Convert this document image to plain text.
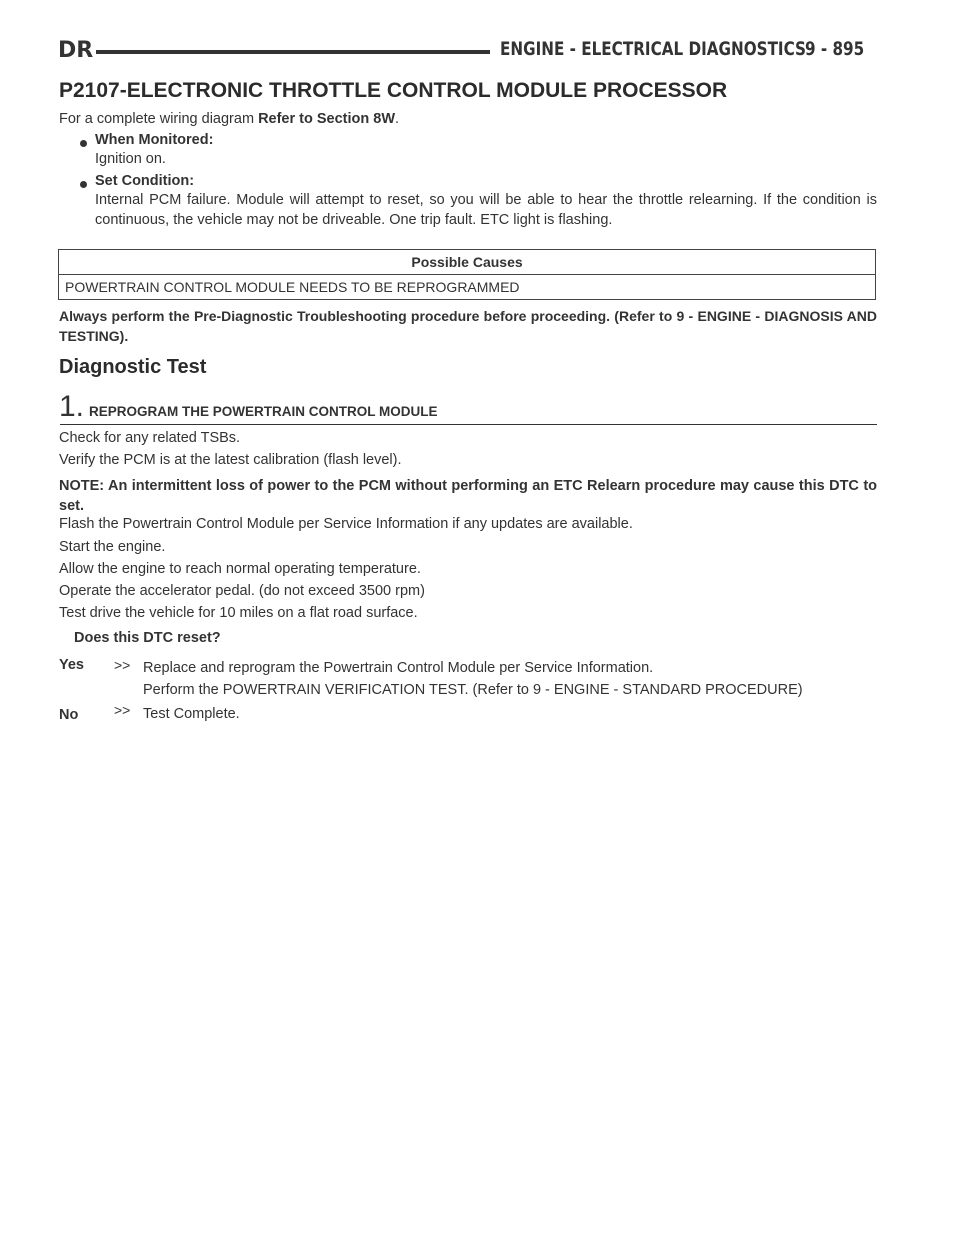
DR	ENGINE - ELECTRICAL DIAGNOSTICS 9 - 895
P2107-ELECTRONIC THROTTLE CONTROL MODULE PROCESSOR
For a complete wiring diagram Refer to Section 8W.
When Monitored:
Ignition on.
Set Condition:
Internal PCM failure. Module will attempt to reset, so you will be able to hear the throttle relearning. If the condition is continuous, the vehicle may not be driveable. One trip fault. ETC light is flashing.
Possible Causes
POWERTRAIN CONTROL MODULE NEEDS TO BE REPROGRAMMED
Always perform the Pre-Diagnostic Troubleshooting procedure before proceeding. (Refer to 9 - ENGINE - DIAGNOSIS AND TESTING).
Diagnostic Test
1. REPROGRAM THE POWERTRAIN CONTROL MODULE
Check for any related TSBs.
Verify the PCM is at the latest calibration (flash level).
NOTE: An intermittent loss of power to the PCM without performing an ETC Relearn procedure may cause this DTC to set.
Flash the Powertrain Control Module per Service Information if any updates are available.
Start the engine.
Allow the engine to reach normal operating temperature.
Operate the accelerator pedal. (do not exceed 3500 rpm)
Test drive the vehicle for 10 miles on a flat road surface.
Does this DTC reset?
Yes >> Replace and reprogram the Powertrain Control Module per Service Information.
Perform the POWERTRAIN VERIFICATION TEST. (Refer to 9 - ENGINE - STANDARD PROCEDURE)
No	>> Test Complete.
